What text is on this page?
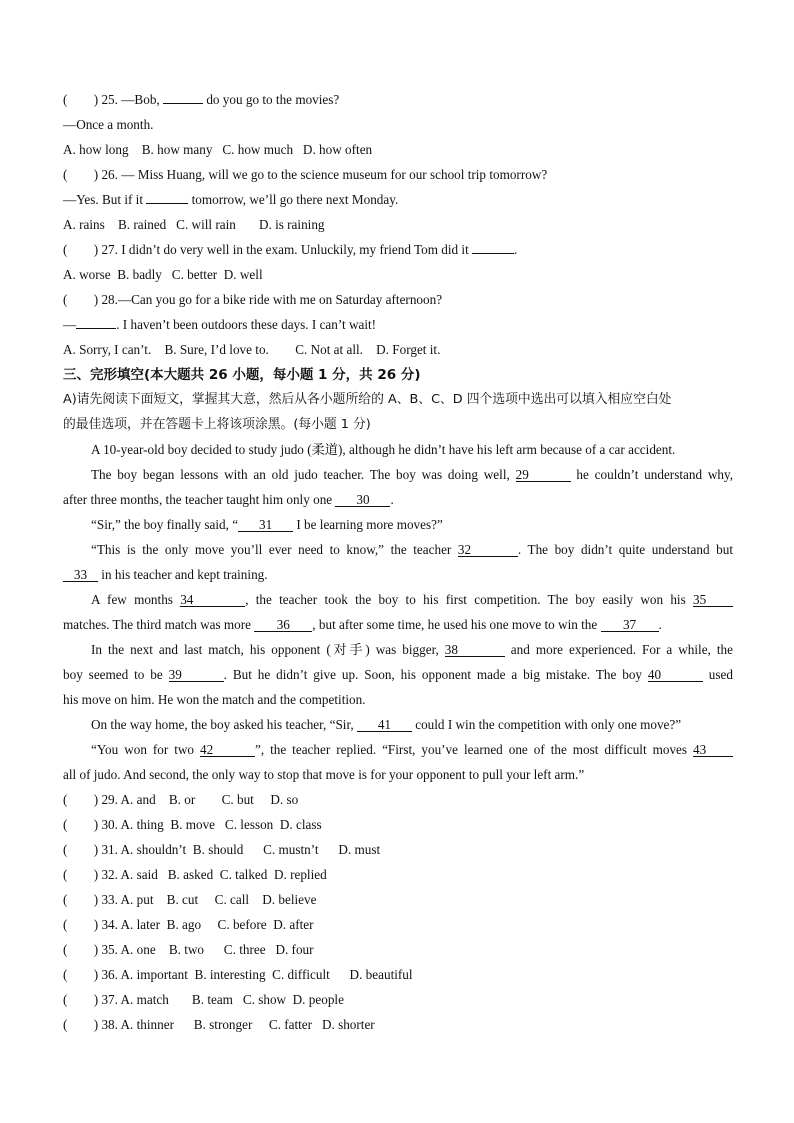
(        ) 25. —Bob,	do you go to the movies?
—Once a month.
A. how long    B. how many   C. how much   D. how often
(        ) 26. — Miss Huang, will we go to the science museum for our school trip tomorrow?
—Yes. But if it	tomorrow, we’ll go there next Monday.
A. rains    B. rained   C. will rain       D. is raining
(        ) 27. I didn’t do very well in the exam. Unluckily, my friend Tom did it	.
A. worse  B. badly   C. better  D. well
(        ) 28.—Can you go for a bike ride with me on Saturday afternoon?
—	. I haven’t been outdoors these days. I can’t wait!
A. Sorry, I can’t.    B. Sure, I’d love to.        C. Not at all.    D. Forget it.
三、完形填空(本大题共 26 小题，每小题 1 分，共 26 分)
A)请先阅读下面短文，掌握其大意，然后从各小题所给的 A、B、C、D 四个选项中选出可以填入相应空白处
的最佳选项，并在答题卡上将该项涂黑。(每小题 1 分)
A 10-year-old boy decided to study judo (柔道), although he didn’t have his left arm because of a car accident.
The boy began lessons with an old judo teacher. The boy was doing well, 29	he couldn’t understand why,
after three months, the teacher taught him only one 30 .
“Sir,” the boy finally said, “ 31 I be learning more moves?”
“This is the only move you’ll ever need to know,” the teacher 32	. The boy didn’t quite understand but
33 in his teacher and kept training.
A few months 34	, the teacher took the boy to his first competition. The boy easily won his 35
matches. The third match was more 36 , but after some time, he used his one move to win the 37 .
In the next and last match, his opponent (对手) was bigger, 38	and more experienced. For a while, the
boy seemed to be 39	. But he didn’t give up. Soon, his opponent made a big mistake. The boy 40	used
his move on him. He won the match and the competition.
On the way home, the boy asked his teacher, “Sir, 41 could I win the competition with only one move?”
“You won for two 42	”, the teacher replied. “First, you’ve learned one of the most difficult moves 43
all of judo. And second, the only way to stop that move is for your opponent to pull your left arm.”
(        ) 29. A. and    B. or        C. but     D. so
(        ) 30. A. thing  B. move   C. lesson  D. class
(        ) 31. A. shouldn’t  B. should      C. mustn’t      D. must
(        ) 32. A. said   B. asked  C. talked  D. replied
(        ) 33. A. put    B. cut     C. call    D. believe
(        ) 34. A. later  B. ago     C. before  D. after
(        ) 35. A. one    B. two      C. three   D. four
(        ) 36. A. important  B. interesting  C. difficult      D. beautiful
(        ) 37. A. match       B. team   C. show  D. people
(        ) 38. A. thinner      B. stronger     C. fatter   D. shorter
